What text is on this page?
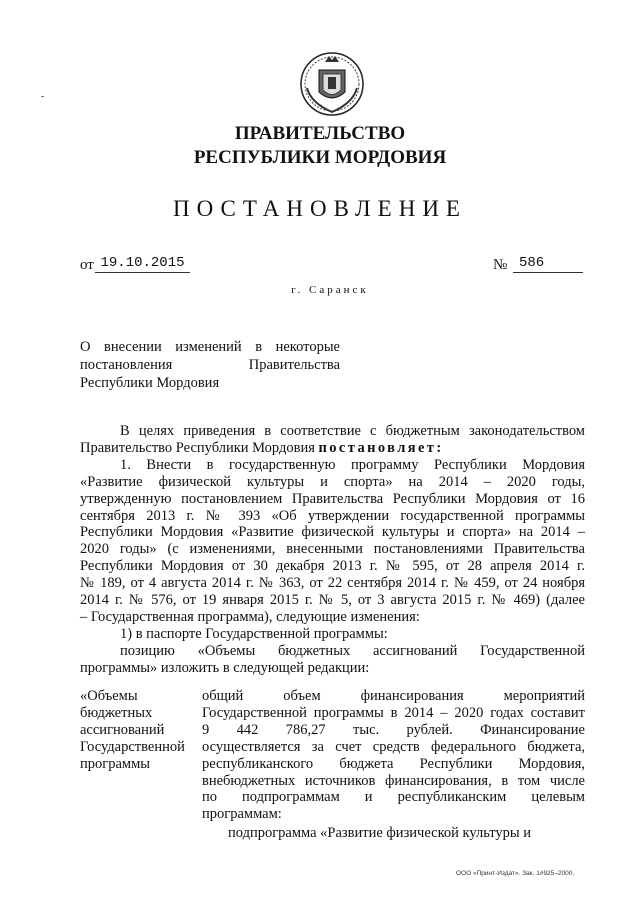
ПРАВИТЕЛЬСТВО
РЕСПУБЛИКИ МОРДОВИЯ
ПОСТАНОВЛЕНИЕ
от 19.10.2015	№ 586
г. Саранск
О внесении изменений в некоторые
постановления Правительства
Республики Мордовия
В целях приведения в соответствие с бюджетным законодательством
Правительство Республики Мордовия постановляет:
1. Внести в государственную программу Республики Мордовия
«Развитие физической культуры и спорта» на 2014 – 2020 годы,
утвержденную постановлением Правительства Республики Мордовия от 16
сентября 2013 г. № 393 «Об утверждении государственной программы
Республики Мордовия «Развитие физической культуры и спорта» на 2014 –
2020 годы» (с изменениями, внесенными постановлениями Правительства
Республики Мордовия от 30 декабря 2013 г. № 595, от 28 апреля 2014 г.
№ 189, от 4 августа 2014 г. № 363, от 22 сентября 2014 г. № 459, от 24 ноября
2014 г. № 576, от 19 января 2015 г. № 5, от 3 августа 2015 г. № 469) (далее
– Государственная программа), следующие изменения:
1) в паспорте Государственной программы:
позицию «Объемы бюджетных ассигнований Государственной
программы» изложить в следующей редакции:
«Объемы
бюджетных
ассигнований
Государственной
программы
общий объем финансирования мероприятий
Государственной программы в 2014 – 2020 годах составит
9 442 786,27 тыс. рублей. Финансирование
осуществляется за счет средств федерального бюджета,
республиканского бюджета Республики Мордовия,
внебюджетных источников финансирования, в том числе
по подпрограммам и республиканским целевым
программам:
подпрограмма «Развитие физической культуры и
ООО «Принт-Издат». Зак. 1#925–2000.
